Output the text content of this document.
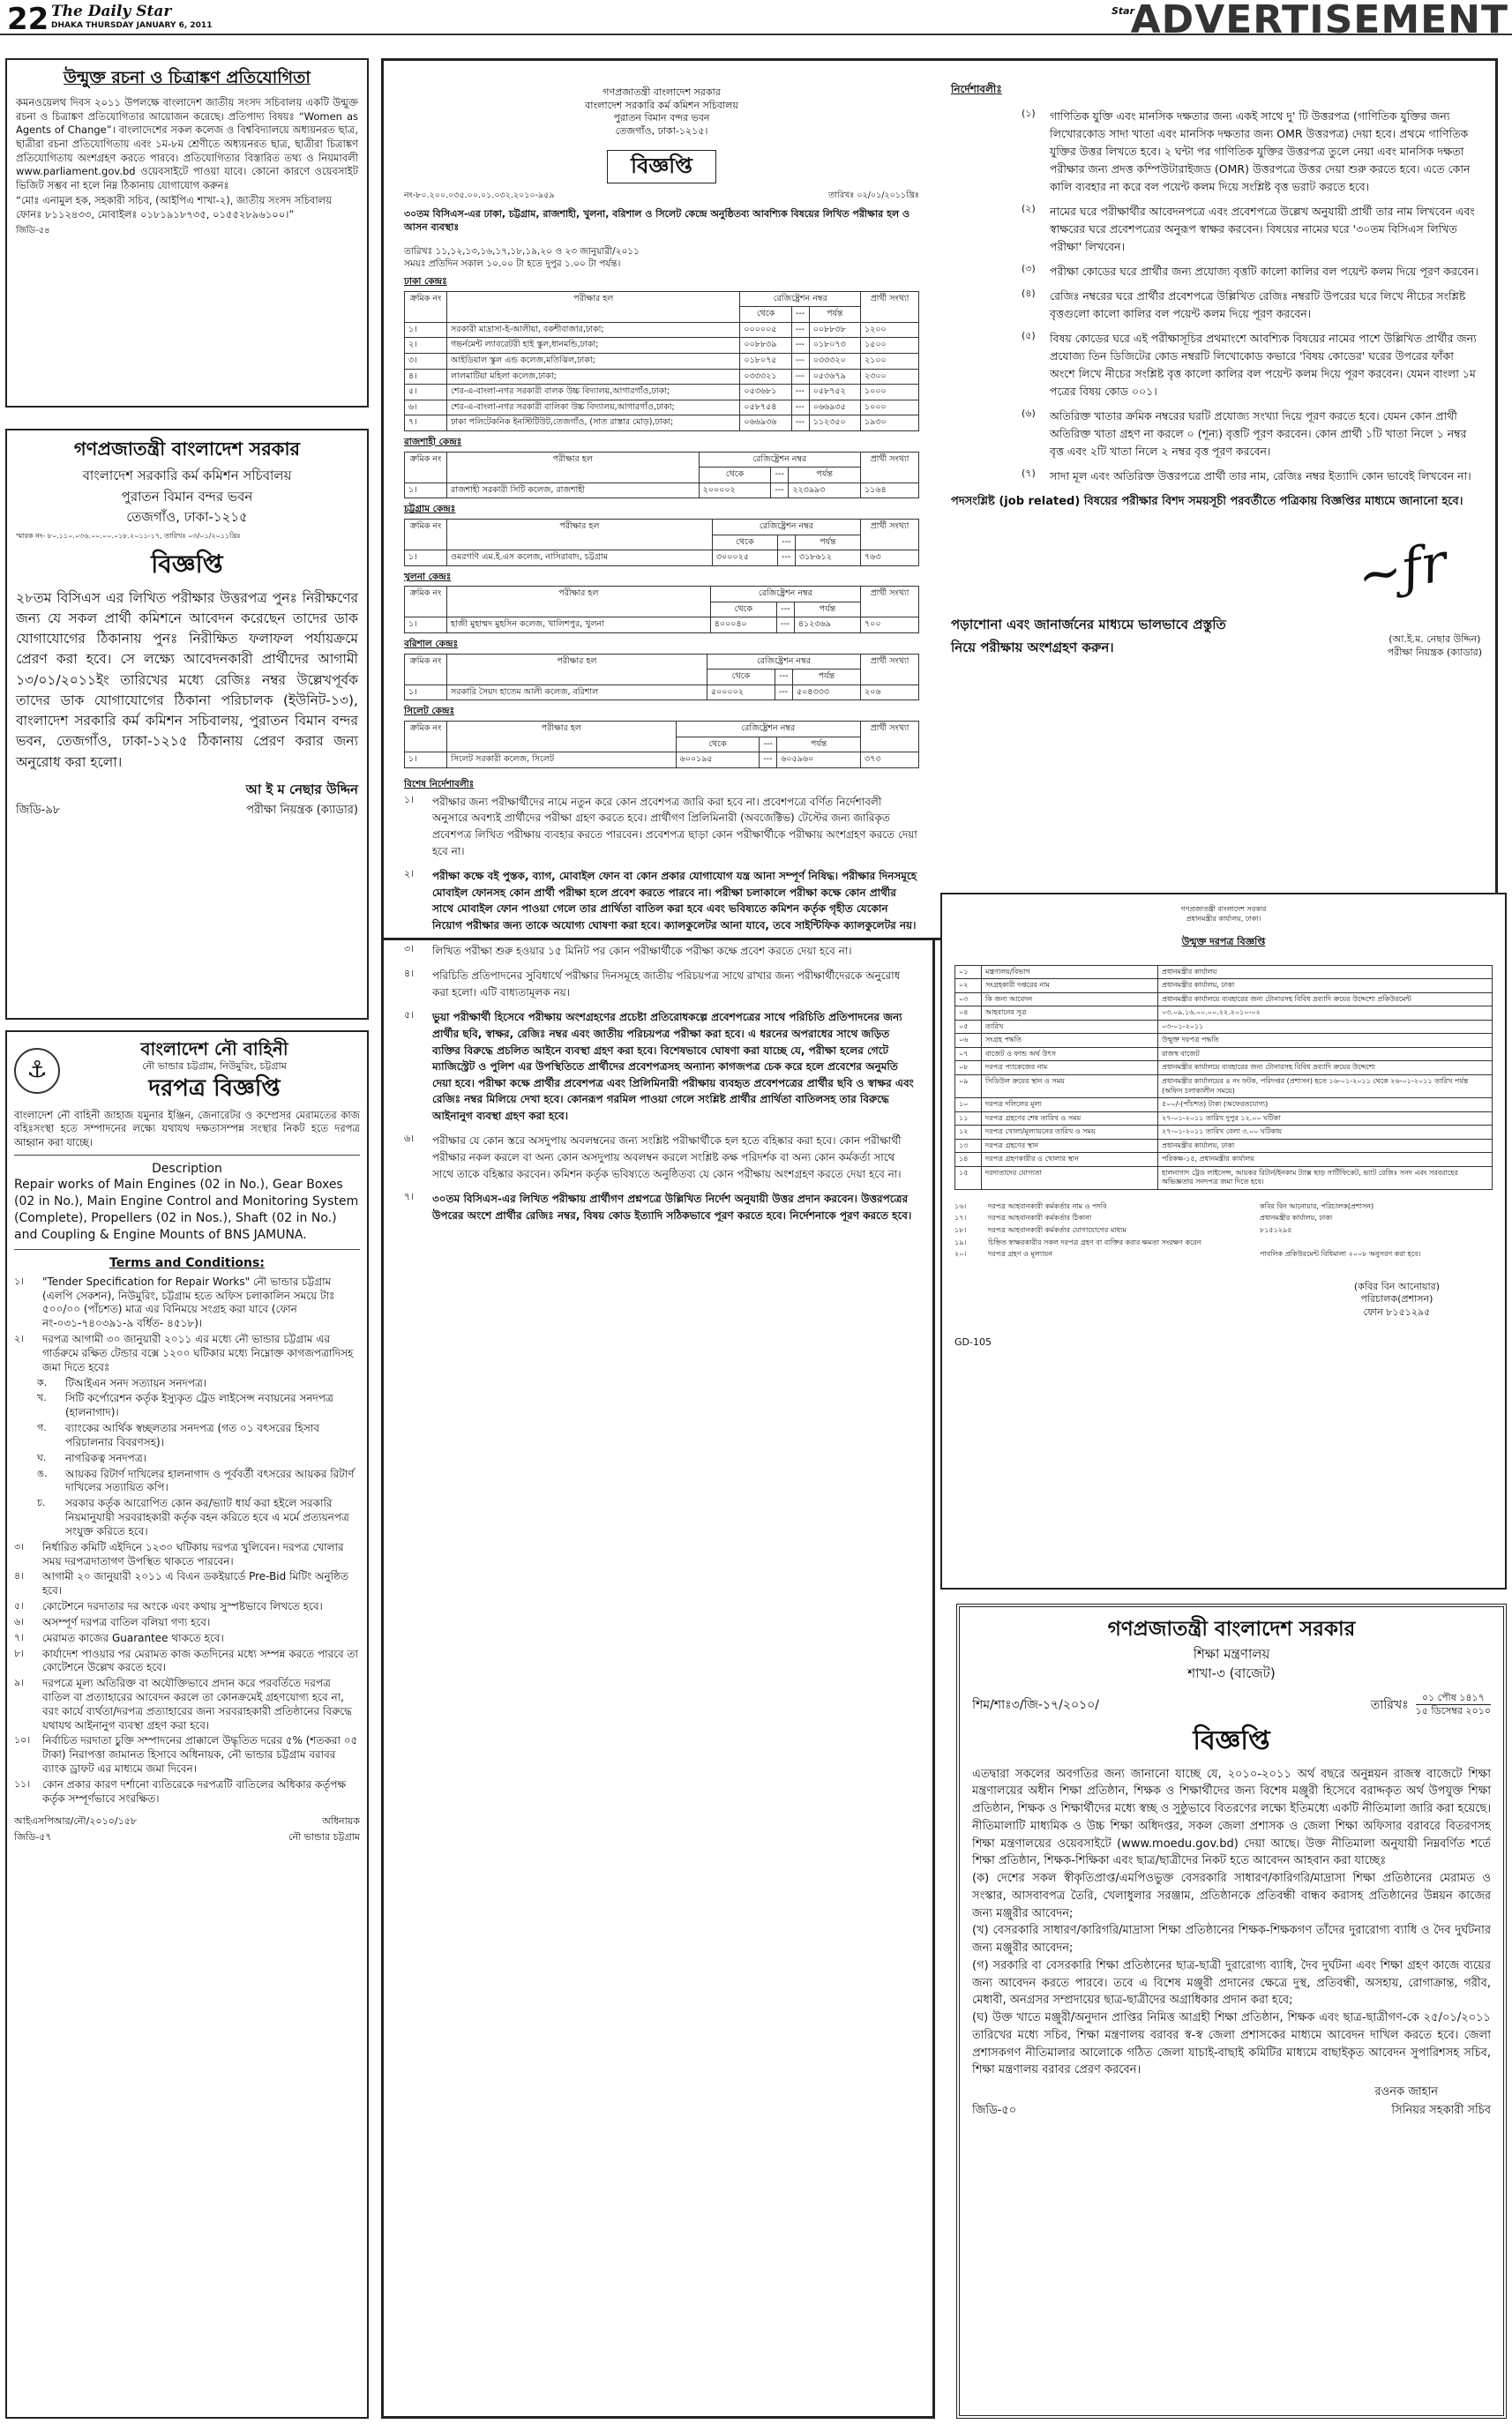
22 The Daily Star
DHAKA THURSDAY JANUARY 6, 2011
Star
ADVERTISEMENT
উন্মুক্ত রচনা ও চিত্রাঙ্কণ প্রতিযোগিতা

কমনওয়েলথ দিবস ২০১১ উপলক্ষে বাংলাদেশ জাতীয় সংসদ সচিবালয় একটি উন্মুক্ত রচনা ও চিত্রাঙ্কণ প্রতিযোগিতার আয়োজন করেছে। প্রতিপাদ্য বিষয়ঃ “Women as Agents of Change”। বাংলাদেশের সকল কলেজ ও বিশ্ববিদ্যালয়ে অধ্যয়নরত ছাত্র, ছাত্রীরা রচনা প্রতিযোগিতায় এবং ১ম-৮ম শ্রেণীতে অধ্যয়নরত ছাত্র, ছাত্রীরা চিত্রাঙ্কণ প্রতিযোগিতায় অংশগ্রহণ করতে পারবে। প্রতিযোগিতার বিস্তারিত তথ্য ও নিয়মাবলী www.parliament.gov.bd ওয়েবসাইটে পাওয়া যাবে। কোনো কারণে ওয়েবসাইট ভিজিট সম্ভব না হলে নিম্ন ঠিকানায় যোগাযোগ করুনঃ

“মোঃ এনামুল হক, সহকারী সচিব, (আইপিএ শাখা-২), জাতীয় সংসদ সচিবালয় ফোনঃ ৮১১২৪৩৩, মোবাইলঃ ০১৮১৯১৮৭৩৫, ০১৫৫২৮৯৬১০০।”

জিডি-৫৪

গণপ্রজাতন্ত্রী বাংলাদেশ সরকার
বাংলাদেশ সরকারি কর্ম কমিশন সচিবালয়
পুরাতন বিমান বন্দর ভবন
তেজগাঁও, ঢাকা-১২১৫
স্মারক নং- ৮০.১১০.০৩৬.০০.০০.০১৮.২০১১-১৭, তারিখঃ ০৩/০১/২০১১খ্রিঃ
বিজ্ঞপ্তি

২৮তম বিসিএস এর লিখিত পরীক্ষার উত্তরপত্র পুনঃ নিরীক্ষণের জন্য যে সকল প্রার্থী কমিশনে আবেদন করেছেন তাদের ডাক যোগাযোগের ঠিকানায় পুনঃ নিরীক্ষিত ফলাফল পর্যায়ক্রমে প্রেরণ করা হবে। সে লক্ষ্যে আবেদনকারী প্রার্থীদের আগামী ১৩/০১/২০১১ইং তারিখের মধ্যে রেজিঃ নম্বর উল্লেখপূর্বক তাদের ডাক যোগাযোগের ঠিকানা পরিচালক (ইউনিট-১৩), বাংলাদেশ সরকারি কর্ম কমিশন সচিবালয়, পুরাতন বিমান বন্দর ভবন, তেজগাঁও, ঢাকা-১২১৫ ঠিকানায় প্রেরণ করার জন্য অনুরোধ করা হলো।

আ ই ম নেছার উদ্দিন
জিডি-৯৮	পরীক্ষা নিয়ন্ত্রক (ক্যাডার)
⚓
বাংলাদেশ নৌ বাহিনী
নৌ ভান্ডার চট্টগ্রাম, নিউমুরিং, চট্টগ্রাম
দরপত্র বিজ্ঞপ্তি

বাংলাদেশ নৌ বাহিনী জাহাজ যমুনার ইঞ্জিন, জেনারেটর ও কম্প্রেসর মেরামতের কাজ বহিঃসংস্থা হতে সম্পাদনের লক্ষ্যে যথাযথ দক্ষতাসম্পন্ন সংস্থার নিকট হতে দরপত্র আহ্বান করা যাচ্ছে।

Description

Repair works of Main Engines (02 in No.), Gear Boxes (02 in No.), Main Engine Control and Monitoring System (Complete), Propellers (02 in Nos.), Shaft (02 in No.) and Coupling & Engine Mounts of BNS JAMUNA.

Terms and Conditions:
১।	"Tender Specification for Repair Works" নৌ ভান্ডার চট্টগ্রাম (এলপি সেকশন), নিউমুরিং, চট্টগ্রাম হতে অফিস চলাকালিন সময়ে টাঃ ৫০০/০০ (পাঁচশত) মাত্র এর বিনিময়ে সংগ্রহ করা যাবে (ফোন নং-০৩১-৭৪০৩৯১-৯ বর্ধিত- ৪৫১৮)।
২।	দরপত্র আগামী ৩০ জানুয়ারী ২০১১ এর মধ্যে নৌ ভান্ডার চট্টগ্রাম এর গার্ডরুমে রক্ষিত টেন্ডার বক্সে ১২০০ ঘটিকার মধ্যে নিম্নোক্ত কাগজপত্রাদিসহ জমা দিতে হবেঃ
ক.	টিআইএন সনদ সত্যায়ন সনদপত্র।
খ.	সিটি কর্পোরেশন কর্তৃক ইস্যুকৃত ট্রেড লাইসেন্স নবায়নের সনদপত্র (হালনাগাদ)।
গ.	ব্যাংকের আর্থিক স্বচ্ছলতার সনদপত্র (গত ০১ বৎসরের হিসাব পরিচালনার বিবরণসহ)।
ঘ.	নাগরিকত্ব সনদপত্র।
ঙ.	আয়কর রিটার্ণ দাখিলের হালনাগাদ ও পূর্ববর্তী বৎসরের আয়কর রিটার্ণ দাখিলের সত্যায়িত কপি।
চ.	সরকার কর্তৃক আরোপিত কোন কর/ভ্যাট ধার্য করা হইলে সরকারি নিয়মানুযায়ী সরবরাহকারী কর্তৃক বহন করিতে হবে এ মর্মে প্রত্যয়নপত্র সংযুক্ত করিতে হবে।
৩।	নির্ধারিত কমিটি এইদিনে ১২৩০ ঘটিকায় দরপত্র খুলিবেন। দরপত্র খোলার সময় দরপত্রদাতাগণ উপস্থিত থাকতে পারবেন।
৪।	আগামী ২০ জানুয়ারী ২০১১ এ বিএন ডকইয়ার্ডে Pre-Bid মিটিং অনুষ্ঠিত হবে।
৫।	কোটেশনে দরদাতার দর অংকে এবং কথায় সুস্পষ্টভাবে লিখতে হবে।
৬।	অসম্পূর্ণ দরপত্র বাতিল বলিয়া গণ্য হবে।
৭।	মেরামত কাজের Guarantee থাকতে হবে।
৮।	কার্যাদেশ পাওয়ার পর মেরামত কাজ কতদিনের মধ্যে সম্পন্ন করতে পারবে তা কোটেশনে উল্লেখ করতে হবে।
৯।	দরপত্রে মূল্য অতিরিক্ত বা অযৌক্তিভাবে প্রদান করে পরবর্তিতে দরপত্র বাতিল বা প্রত্যাহারের আবেদন করলে তা কোনক্রমেই গ্রহণযোগ্য হবে না, বরং কার্যে ব্যর্থতা/দরপত্র প্রত্যাহারের জন্য সরবরাহকারী প্রতিষ্ঠানের বিরুদ্ধে যথাযথ আইনানুগ ব্যবস্থা গ্রহণ করা হবে।
১০।	নির্বাচিত দরদাতা চুক্তি সম্পাদনের প্রাক্কালে উদ্ধৃতিত দরের ৫% (শতকরা ০৫ টাকা) নিরাপত্তা জামানত হিসাবে অধিনায়ক, নৌ ভান্ডার চট্টগ্রাম বরাবর ব্যাংক ড্রাফট এর মাধ্যমে জমা দিবেন।
১১।	কোন প্রকার কারণ দর্শানো ব্যতিরেকে দরপত্রটি বাতিলের অধিকার কর্তৃপক্ষ কর্তৃক সম্পূর্ণভাবে সংরক্ষিত।
আইএসপিআর/নৌ/২০১০/১৫৮	অধিনায়ক
জিডি-৫৭	নৌ ভান্ডার চট্টগ্রাম
গণপ্রজাতন্ত্রী বাংলাদেশ সরকার
বাংলাদেশ সরকারি কর্ম কমিশন সচিবালয়
পুরাতন বিমান বন্দর ভবন
তেজগাঁও, ঢাকা-১২১৫।
বিজ্ঞপ্তি
নং-৮০.২০০.০৩৫.০০.০১.০৩২.২০১০-৯৫৯	তারিখঃ ০২/০১/২০১১খ্রিঃ

৩০তম বিসিএস-এর ঢাকা, চট্টগ্রাম, রাজশাহী, খুলনা, বরিশাল ও সিলেট কেন্দ্রে অনুষ্ঠিতব্য আবশ্যিক বিষয়ের লিখিত পরীক্ষার হল ও আসন ব্যবস্থাঃ

তারিখঃ ১১,১২,১৩,১৬,১৭,১৮,১৯,২০ ও ২৩ জানুয়ারী/২০১১

সময়ঃ প্রতিদিন সকাল ১০.০০ টা হতে দুপুর ১.০০ টা পর্যন্ত।

ঢাকা কেন্দ্রঃ
ক্রমিক নং	পরীক্ষার হল	রেজিষ্ট্রেশন নম্বর			প্রার্থী সংখ্যা
		থেকে	---	পর্যন্ত	
১।	সরকারী মাদ্রাসা-ই-আলীয়া, বকশীবাজার,ঢাকা;	০০০০০৫	---	০০৮৮৩৮	১২০০
২।	গভর্নমেন্ট ল্যাবরেটরী হাই স্কুল,ধানমন্ডি,ঢাকা;	০০৮৮৩৯	---	০১৮০৭৩	১৫০০
৩।	আইডিয়াল স্কুল এন্ড কলেজ,মতিঝিল,ঢাকা;	০১৮০৭৫	---	০৩৩৩২০	২১০০
৪।	লালমাটিয়া মহিলা কলেজ,ঢাকা;	০৩৩৩২১	---	০৫৩৬৭৯	২৩০০
৫।	শের-এ-বাংলা-নগর সরকারী বালক উচ্চ বিদ্যালয়,আগারগাঁও,ঢাকা;	০৫৩৬৮১	---	০৫৮৭৫২	১০০০
৬।	শের-এ-বাংলা-নগর সরকারী বালিকা উচ্চ বিদ্যালয়,আগারগাঁও,ঢাকা;	০৫৮৭৫৪	---	০৬৬৯৩৫	১০০০
৭।	ঢাকা পলিটেকনিক ইনস্টিটিউট,তেজগাঁও, (সাত রাস্তার মোড়),ঢাকা;	০৬৬৯৩৬	---	১১২৩৫০	১৯৩০
রাজশাহী কেন্দ্রঃ
ক্রমিক নং	পরীক্ষার হল	রেজিষ্ট্রেশন নম্বর			প্রার্থী সংখ্যা
		থেকে	---	পর্যন্ত	
১।	রাজশাহী সরকারী সিটি কলেজ, রাজশাহী	২০০০০২	---	২২৩৯৯৩	১১৬৪
চট্টগ্রাম কেন্দ্রঃ
ক্রমিক নং	পরীক্ষার হল	রেজিষ্ট্রেশন নম্বর			প্রার্থী সংখ্যা
		থেকে	---	পর্যন্ত	
১।	ওমরগণি এম.ই.এস কলেজ, নাসিরাবাদ, চট্টগ্রাম	৩০০০২৫	---	৩১৮৬১২	৭৬৩
খুলনা কেন্দ্রঃ
ক্রমিক নং	পরীক্ষার হল	রেজিষ্ট্রেশন নম্বর			প্রার্থী সংখ্যা
		থেকে	---	পর্যন্ত	
১।	হাজী মুহাম্মদ মুহসিন কলেজ, খালিশপুর, খুলনা	৪০০০৪০	---	৪১২৩৬৯	৭০০
বরিশাল কেন্দ্রঃ
ক্রমিক নং	পরীক্ষার হল	রেজিষ্ট্রেশন নম্বর			প্রার্থী সংখ্যা
		থেকে	---	পর্যন্ত	
১।	সরকারি সৈয়দ হাতেম আলী কলেজ, বরিশাল	৫০০০০২	---	৫০৪৩৩৩	২০৬
সিলেট কেন্দ্রঃ
ক্রমিক নং	পরীক্ষার হল	রেজিষ্ট্রেশন নম্বর			প্রার্থী সংখ্যা
		থেকে	---	পর্যন্ত	
১।	সিলেট সরকারী কলেজ, সিলেট	৬০০১৯৫	---	৬০৫৯৬০	৩৭৩
বিশেষ নির্দেশাবলীঃ
১।	পরীক্ষার জন্য পরীক্ষার্থীদের নামে নতুন করে কোন প্রবেশপত্র জারি করা হবে না। প্রবেশপত্রে বর্ণিত নির্দেশাবলী অনুসারে অবশ্যই প্রার্থীদের পরীক্ষা গ্রহণ করতে হবে। প্রার্থীগণ প্রিলিমিনারী (অবজেক্টিভ) টেস্টের জন্য জারিকৃত প্রবেশপত্র লিখিত পরীক্ষায় ব্যবহার করতে পারবেন। প্রবেশপত্র ছাড়া কোন পরীক্ষার্থীকে পরীক্ষায় অংশগ্রহণ করতে দেয়া হবে না।
২।	পরীক্ষা কক্ষে বই পুস্তক, ব্যাগ, মোবাইল ফোন বা কোন প্রকার যোগাযোগ যন্ত্র আনা সম্পূর্ণ নিষিদ্ধ। পরীক্ষার দিনসমূহে মোবাইল ফোনসহ কোন প্রার্থী পরীক্ষা হলে প্রবেশ করতে পারবে না। পরীক্ষা চলাকালে পরীক্ষা কক্ষে কোন প্রার্থীর সাথে মোবাইল ফোন পাওয়া গেলে তার প্রার্থিতা বাতিল করা হবে এবং ভবিষ্যতে কমিশন কর্তৃক গৃহীত যেকোন নিয়োগ পরীক্ষার জন্য তাকে অযোগ্য ঘোষণা করা হবে। ক্যালকুলেটর আনা যাবে, তবে সাইন্টিফিক ক্যালকুলেটর নয়।
৩।	লিখিত পরীক্ষা শুরু হওয়ার ১৫ মিনিট পর কোন পরীক্ষার্থীকে পরীক্ষা কক্ষে প্রবেশ করতে দেয়া হবে না।
৪।	পরিচিতি প্রতিপাদনের সুবিধার্থে পরীক্ষার দিনসমূহে জাতীয় পরিচয়পত্র সাথে রাখার জন্য পরীক্ষার্থীদেরকে অনুরোধ করা হলো। এটি বাধ্যতামূলক নয়।
৫।	ভুয়া পরীক্ষার্থী হিসেবে পরীক্ষায় অংশগ্রহণের প্রচেষ্টা প্রতিরোধকল্পে প্রবেশপত্রের সাথে পরিচিতি প্রতিপাদনের জন্য প্রার্থীর ছবি, স্বাক্ষর, রেজিঃ নম্বর এবং জাতীয় পরিচয়পত্র পরীক্ষা করা হবে। এ ধরনের অপরাধের সাথে জড়িত ব্যক্তির বিরুদ্ধে প্রচলিত আইনে ব্যবস্থা গ্রহণ করা হবে। বিশেষভাবে ঘোষণা করা যাচ্ছে যে, পরীক্ষা হলের গেটে ম্যাজিস্ট্রেট ও পুলিশ এর উপস্থিতিতে প্রার্থীদের প্রবেশপত্রসহ অন্যান্য কাগজপত্র চেক করে হলে প্রবেশের অনুমতি দেয়া হবে। পরীক্ষা কক্ষে প্রার্থীর প্রবেশপত্র এবং প্রিলিমিনারী পরীক্ষায় ব্যবহৃত প্রবেশপত্রের প্রার্থীর ছবি ও স্বাক্ষর এবং রেজিঃ নম্বর মিলিয়ে দেখা হবে। কোনরূপ গরমিল পাওয়া গেলে সংশ্লিষ্ট প্রার্থীর প্রার্থিতা বাতিলসহ তার বিরুদ্ধে আইনানুগ ব্যবস্থা গ্রহণ করা হবে।
৬।	পরীক্ষার যে কোন স্তরে অসদুপায় অবলম্বনের জন্য সংশ্লিষ্ট পরীক্ষার্থীকে হল হতে বহিষ্কার করা হবে। কোন পরীক্ষার্থী পরীক্ষার নকল করলে বা অন্য কোন অসদুপায় অবলম্বন করলে সংশ্লিষ্ট কক্ষ পরিদর্শক বা অন্য কোন কর্মকর্তা সাথে সাথে তাকে বহিষ্কার করবেন। কমিশন কর্তৃক ভবিষ্যতে অনুষ্ঠিতব্য যে কোন পরীক্ষায় অংশগ্রহণ করতে দেয়া হবে না।
৭।	৩০তম বিসিএস-এর লিখিত পরীক্ষায় প্রার্থীগণ প্রশ্নপত্রে উল্লিখিত নির্দেশ অনুযায়ী উত্তর প্রদান করবেন। উত্তরপত্রের উপরের অংশে প্রার্থীর রেজিঃ নম্বর, বিষয় কোড ইত্যাদি সঠিকভাবে পূরণ করতে হবে। নির্দেশনাকে পূরণ করতে হবে।
নির্দেশাবলীঃ
(১)	গাণিতিক যুক্তি এবং মানসিক দক্ষতার জন্য একই সাথে দু' টি উত্তরপত্র (গাণিতিক যুক্তির জন্য লিখোরকোড সাদা খাতা এবং মানসিক দক্ষতার জন্য OMR উত্তরপত্র) দেয়া হবে। প্রথমে গাণিতিক যুক্তির উত্তর লিখতে হবে। ২ ঘন্টা পর গাণিতিক যুক্তির উত্তরপত্র তুলে নেয়া এবং মানসিক দক্ষতা পরীক্ষার জন্য প্রদত্ত কম্পিউটারাইজড (OMR) উত্তরপত্রে উত্তর দেয়া শুরু করতে হবে। এতে কোন কালি ব্যবহার না করে বল পয়েন্ট কলম দিয়ে সংশ্লিষ্ট বৃত্ত ভরাট করতে হবে।
(২)	নামের ঘরে পরীক্ষার্থীর আবেদনপত্রে এবং প্রবেশপত্রে উল্লেখ অনুযায়ী প্রার্থী তার নাম লিখবেন এবং স্বাক্ষরের ঘরে প্রবেশপত্রের অনুরূপ স্বাক্ষর করবেন। বিষয়ের নামের ঘরে '৩০তম বিসিএস লিখিত পরীক্ষা' লিখবেন।
(৩)	পরীক্ষা কোডের ঘরে প্রার্থীর জন্য প্রযোজ্য বৃত্তটি কালো কালির বল পয়েন্ট কলম দিয়ে পূরণ করবেন।
(৪)	রেজিঃ নম্বরের ঘরে প্রার্থীর প্রবেশপত্রে উল্লিখিত রেজিঃ নম্বরটি উপরের ঘরে লিখে নীচের সংশ্লিষ্ট বৃত্তগুলো কালো কালির বল পয়েন্ট কলম দিয়ে পূরণ করবেন।
(৫)	বিষয় কোডের ঘরে এই পরীক্ষাসূচির প্রথমাংশে আবশ্যিক বিষয়ের নামের পাশে উল্লিখিত প্রার্থীর জন্য প্রযোজ্য তিন ডিজিটের কোড নম্বরটি লিখোকোড কভারে 'বিষয় কোডের' ঘরের উপরের ফাঁকা অংশে লিখে নীচের সংশ্লিষ্ট বৃত্ত কালো কালির বল পয়েন্ট কলম দিয়ে পূরণ করবেন। যেমন বাংলা ১ম পত্রের বিষয় কোড ০০১।
(৬)	অতিরিক্ত খাতার ক্রমিক নম্বরের ঘরটি প্রযোজ্য সংখ্যা দিয়ে পূরণ করতে হবে। যেমন কোন প্রার্থী অতিরিক্ত খাতা গ্রহণ না করলে ০ (শূন্য) বৃত্তটি পূরণ করবেন। কোন প্রার্থী ১টি খাতা নিলে ১ নম্বর বৃত্ত এবং ২টি খাতা নিলে ২ নম্বর বৃত্ত পূরণ করবেন।
(৭)	সাদা মূল এবং অতিরিক্ত উত্তরপত্রে প্রার্থী তার নাম, রেজিঃ নম্বর ইত্যাদি কোন ভাবেই লিখবেন না।

পদসংশ্লিষ্ট (job related) বিষয়ের পরীক্ষার বিশদ সময়সূচী পরবর্তীতে পত্রিকায় বিজ্ঞপ্তির মাধ্যমে জানানো হবে।

~ƒr

পড়াশোনা এবং জানার্জনের মাধ্যমে ভালভাবে প্রস্তুতি নিয়ে পরীক্ষায় অংশগ্রহণ করুন।

(আ.ই.ম. নেছার উদ্দিন)
পরীক্ষা নিয়ন্ত্রক (ক্যাডার)
গণপ্রজাতন্ত্রী বাংলাদেশ সরকার
প্রধানমন্ত্রীর কার্যালয়, ঢাকা।
উন্মুক্ত দরপত্র বিজ্ঞপ্তি
০১	মন্ত্রণালয়/বিভাগ	প্রধানমন্ত্রীর কার্যালয়
০২	সংগ্রহকারী দপ্তরের নাম	প্রধানমন্ত্রীর কার্যালয়, ঢাকা
০৩	কি জন্য আবেদন	প্রধানমন্ত্রীর কার্যালয়ে ব্যবহারের জন্য টোনারসহ বিবিধ দ্রব্যাদি ক্রয়ের উদ্দেশ্যে প্রকিউরমেন্ট
০৪	আহবানের সূত্র	০৩.০৯.১৬.০০.০০.২২.২০১০-০২
০৫	তারিখ	০৩-০১-২০১১
০৬	সংগ্রহ পদ্ধতি	উন্মুক্ত দরপত্র পদ্ধতি
০৭	বাজেট ও ফান্ড অর্থ উৎস	রাজস্ব বাজেট
০৮	দরপত্র প্যাকেজের নাম	প্রধানমন্ত্রীর কার্যালয়ে ব্যবহারের জন্য টোনারসহ বিবিধ দ্রব্যাদি ক্রয়ের উদ্দেশ্যে
০৯	সিডিউল ক্রয়ের স্থান ও সময়	প্রধানমন্ত্রীর কার্যালয়ের ৪ নং ফটক, পরিদপ্তর (প্রশাসন) হতে ১৬-০১-২০১১ থেকে ২৬-০১-২০১১ তারিখ পর্যন্ত (অফিস চলাকালীন সময়ে)
১০	দরপত্র দলিলের মূল্য	৫০০/-(পাঁচশত) টাকা (অফেরতযোগ্য)
১১	দরপত্র গ্রহণের শেষ তারিখ ও সময়	২৭-০১-২০১১ তারিখ দুপুর ১২.০০ ঘটিকা
১২	দরপত্র খোলা/মূল্যায়নের তারিখ ও সময়	২৭-০১-২০১১ তারিখ বেলা ৩.০০ ঘটিকায়
১৩	দরপত্র গ্রহণের স্থান	প্রধানমন্ত্রীর কার্যালয়, ঢাকা
১৪	দরপত্র গ্রহণকারীর ও খোলার স্থান	পরিকক্ষ-১৫, প্রধানমন্ত্রীর কার্যালয়
১৫	দরদাতাদের যোগ্যতা	হালনাগাদ ট্রেড লাইসেন্স, আয়কর রিটার্ন/ইনকাম ট্যাক্স ছাড় সার্টিফিকেট, ভ্যাট রেজিঃ সনদ এবং সরবরাহের অভিজ্ঞতার সনদপত্র জমা দিতে হবে।
১৬।	দরপত্র আহবানকারী কর্মকর্তার নাম ও পদবি	কবির বিন আনোয়ার, পরিচালক(প্রশাসন)
১৭।	দরপত্র আহবানকারী কর্মকর্তার ঠিকানা	প্রধানমন্ত্রীর কার্যালয়, ঢাকা
১৮।	দরপত্র আহবানকারী কর্মকর্তার যোগাযোগের মাধ্যম	৮১৫১২৯৫
১৯।	চিহ্নিত স্বাক্ষরকারীর সকল দরপত্র গ্রহণ বা ব্যক্তির করার ক্ষমতা সংরক্ষণ করেন
২০।	দরপত্র গ্রহণ ও মূল্যায়ন	পাবলিক প্রকিউরমেন্ট বিধিমালা ২০০৮ অনুসরণ করা হবে।
(কবির বিন আনোয়ার)
পরিচালক(প্রশাসন)
ফোন ৮১৫১২৯৫
GD-105
গণপ্রজাতন্ত্রী বাংলাদেশ সরকার
শিক্ষা মন্ত্রণালয়
শাখা-৩ (বাজেট)
শিম/শাঃ৩/জি-১৭/২০১০/	তারিখঃ
০১ পৌষ ১৪১৭
১৫ ডিসেম্বর ২০১০
বিজ্ঞপ্তি

এতদ্বারা সকলের অবগতির জন্য জানানো যাচ্ছে যে, ২০১০-২০১১ অর্থ বছরে অনুন্নয়ন রাজস্ব বাজেটে শিক্ষা মন্ত্রণালয়ের অধীন শিক্ষা প্রতিষ্ঠান, শিক্ষক ও শিক্ষার্থীদের জন্য বিশেষ মঞ্জুরী হিসেবে বরাদ্দকৃত অর্থ উপযুক্ত শিক্ষা প্রতিষ্ঠান, শিক্ষক ও শিক্ষার্থীদের মধ্যে স্বচ্ছ ও সুষ্ঠুভাবে বিতরণের লক্ষ্যে ইতিমধ্যে একটি নীতিমালা জারি করা হয়েছে। নীতিমালাটি মাধ্যমিক ও উচ্চ শিক্ষা অধিদপ্তর, সকল জেলা প্রশাসক ও জেলা শিক্ষা অফিসার বরাবরে বিতরণসহ শিক্ষা মন্ত্রণালয়ের ওয়েবসাইটে (www.moedu.gov.bd) দেয়া আছে। উক্ত নীতিমালা অনুযায়ী নিম্নবর্ণিত শর্তে শিক্ষা প্রতিষ্ঠান, শিক্ষক-শিক্ষিকা এবং ছাত্র/ছাত্রীদের নিকট হতে আবেদন আহবান করা যাচ্ছেঃ

(ক) দেশের সকল স্বীকৃতিপ্রাপ্ত/এমপিওভুক্ত বেসরকারি সাধারণ/কারিগরি/মাদ্রাসা শিক্ষা প্রতিষ্ঠানের মেরামত ও সংস্কার, আসবাবপত্র তৈরি, খেলাধুলার সরঞ্জাম, প্রতিষ্ঠানকে প্রতিবন্ধী বান্ধব করাসহ প্রতিষ্ঠানের উন্নয়ন কাজের জন্য মঞ্জুরীর আবেদন;

(খ) বেসরকারি সাধারণ/কারিগরি/মাদ্রাসা শিক্ষা প্রতিষ্ঠানের শিক্ষক-শিক্ষকগণ তাঁদের দুরারোগ্য ব্যাধি ও দৈব দুর্ঘটনার জন্য মঞ্জুরীর আবেদন;

(গ) সরকারি বা বেসরকারি শিক্ষা প্রতিষ্ঠানের ছাত্র-ছাত্রী দুরারোগ্য ব্যাধি, দৈব দুর্ঘটনা এবং শিক্ষা গ্রহণ কাজে ব্যয়ের জন্য আবেদন করতে পারবে। তবে এ বিশেষ মঞ্জুরী প্রদানের ক্ষেত্রে দুস্থ, প্রতিবন্ধী, অসহায়, রোগাক্রান্ত, গরীব, মেধাবী, অনগ্রসর সম্প্রদায়ের ছাত্র-ছাত্রীদের অগ্রাধিকার প্রদান করা হবে;

(ঘ) উক্ত খাতে মঞ্জুরী/অনুদান প্রাপ্তির নিমিত্ত আগ্রহী শিক্ষা প্রতিষ্ঠান, শিক্ষক এবং ছাত্র-ছাত্রীগণ-কে ২৫/০১/২০১১ তারিখের মধ্যে সচিব, শিক্ষা মন্ত্রণালয় বরাবর স্ব-স্ব জেলা প্রশাসকের মাধ্যমে আবেদন দাখিল করতে হবে। জেলা প্রশাসকগণ নীতিমালার আলোকে গঠিত জেলা যাচাই-বাছাই কমিটির মাধ্যমে বাছাইকৃত আবেদন সুপারিশসহ সচিব, শিক্ষা মন্ত্রণালয় বরাবর প্রেরণ করবেন।

রওনক জাহান
জিডি-৫০	সিনিয়র সহকারী সচিব
